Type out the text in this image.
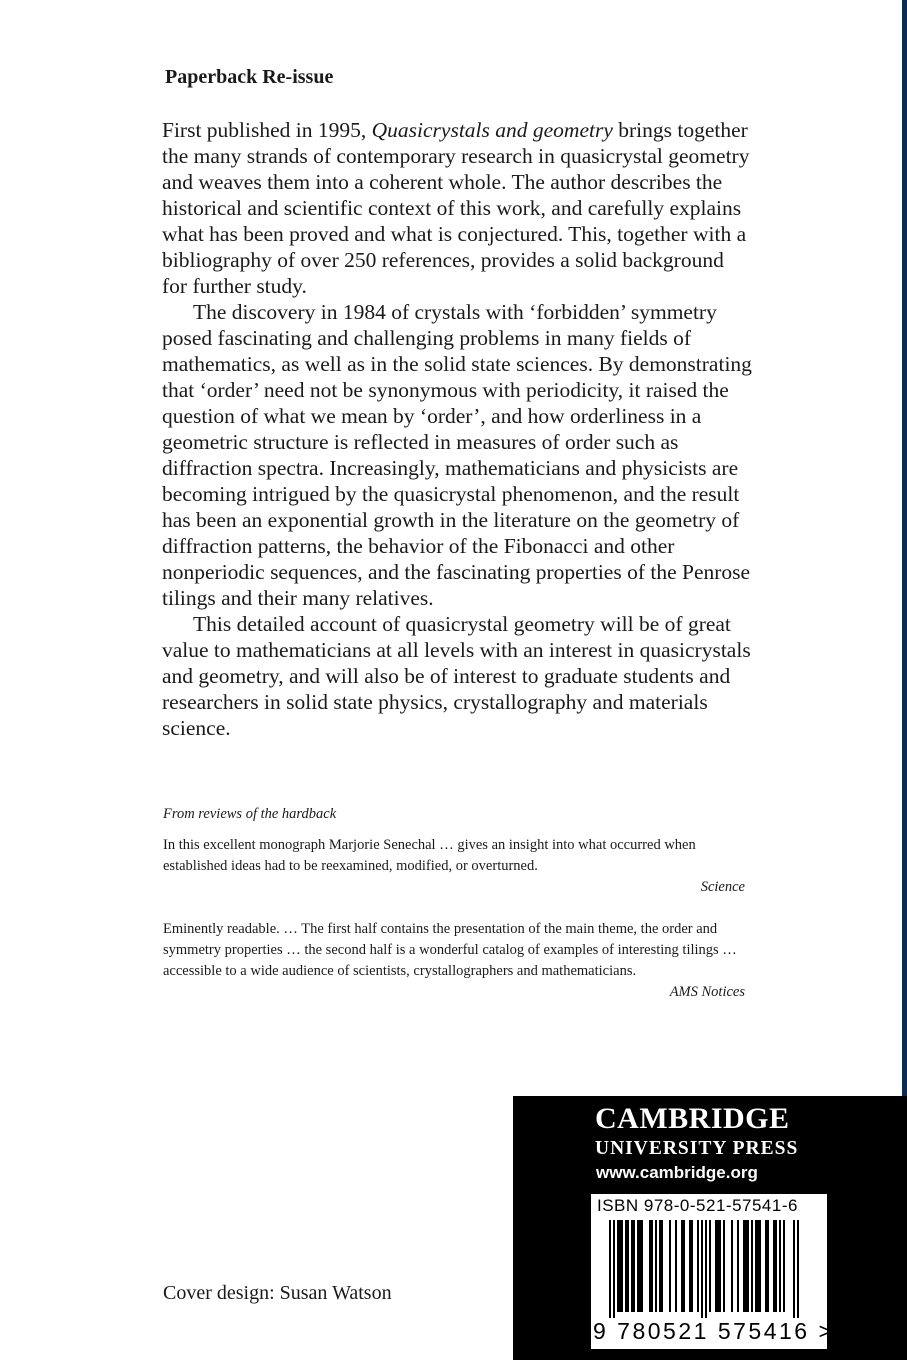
Paperback Re-issue

First published in 1995, Quasicrystals and geometry brings together the many strands of contemporary research in quasicrystal geometry and weaves them into a coherent whole. The author describes the historical and scientific context of this work, and carefully explains what has been proved and what is conjectured. This, together with a bibliography of over 250 references, provides a solid background for further study.

The discovery in 1984 of crystals with ‘forbidden’ symmetry posed fascinating and challenging problems in many fields of mathematics, as well as in the solid state sciences. By demonstrating that ‘order’ need not be synonymous with periodicity, it raised the question of what we mean by ‘order’, and how orderliness in a geometric structure is reflected in measures of order such as diffraction spectra. Increasingly, mathematicians and physicists are becoming intrigued by the quasicrystal phenomenon, and the result has been an exponential growth in the literature on the geometry of diffraction patterns, the behavior of the Fibonacci and other nonperiodic sequences, and the fascinating properties of the Penrose tilings and their many relatives.

This detailed account of quasicrystal geometry will be of great value to mathematicians at all levels with an interest in quasicrystals and geometry, and will also be of interest to graduate students and researchers in solid state physics, crystallography and materials science.

From reviews of the hardback
In this excellent monograph Marjorie Senechal … gives an insight into what occurred when established ideas had to be reexamined, modified, or overturned.
Science
Eminently readable. … The first half contains the presentation of the main theme, the order and symmetry properties … the second half is a wonderful catalog of examples of interesting tilings … accessible to a wide audience of scientists, crystallographers and mathematicians.
AMS Notices
Cover design: Susan Watson
CAMBRIDGE
UNIVERSITY PRESS
www.cambridge.org
ISBN 978-0-521-57541-6
9 780521 575416 >
